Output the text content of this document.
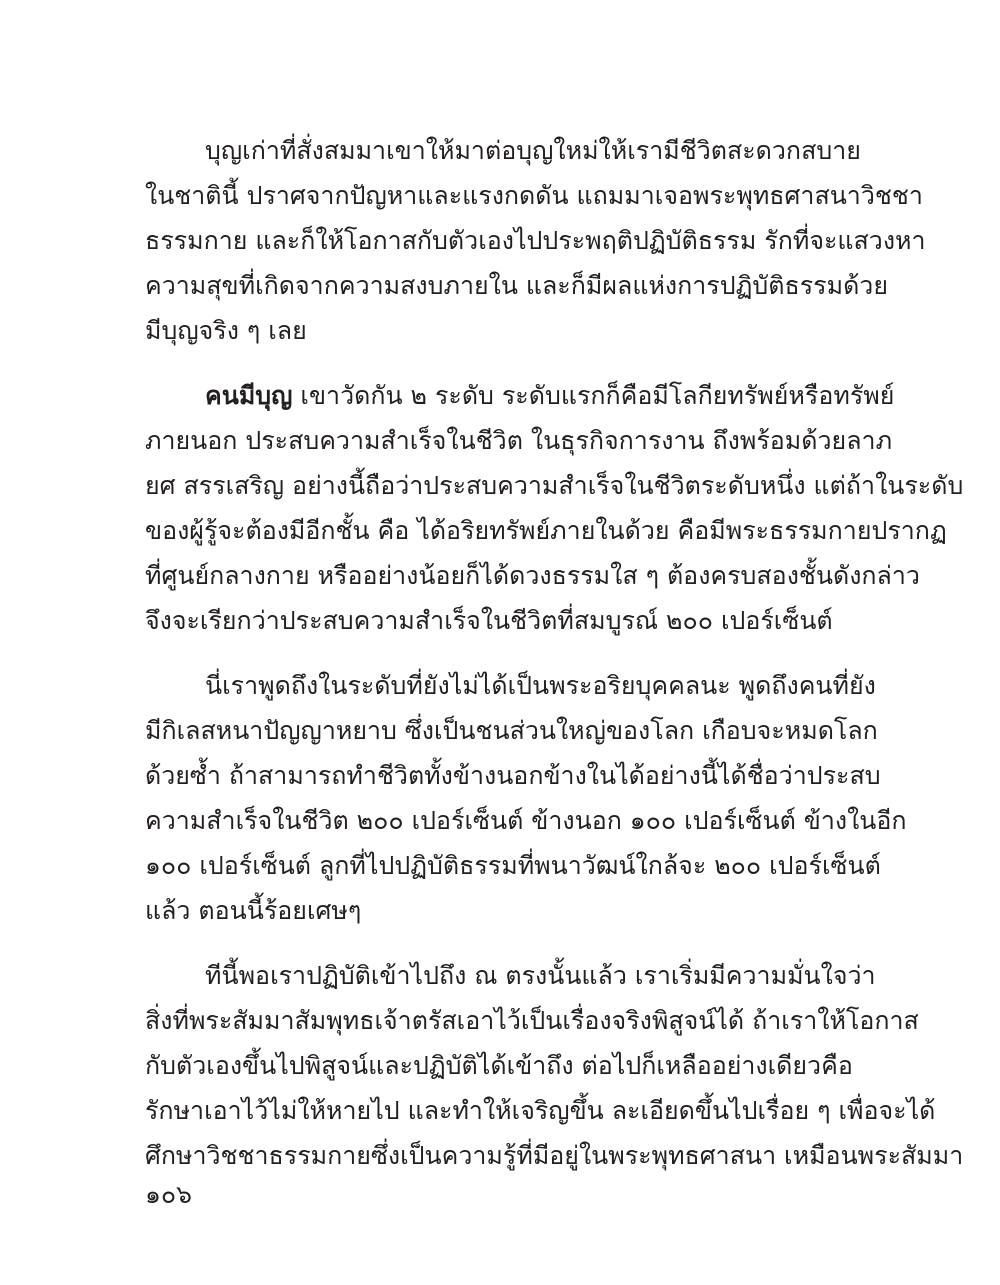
บุญเก่าที่สั่งสมมาเขาให้มาต่อบุญใหม่ให้เรามีชีวิตสะดวกสบาย
ในชาตินี้ ปราศจากปัญหาและแรงกดดัน แถมมาเจอพระพุทธศาสนาวิชชา
ธรรมกาย และก็ให้โอกาสกับตัวเองไปประพฤติปฏิบัติธรรม รักที่จะแสวงหา
ความสุขที่เกิดจากความสงบภายใน และก็มีผลแห่งการปฏิบัติธรรมด้วย
มีบุญจริง ๆ เลย
คนมีบุญ เขาวัดกัน ๒ ระดับ ระดับแรกก็คือมีโลกียทรัพย์หรือทรัพย์
ภายนอก ประสบความสำเร็จในชีวิต ในธุรกิจการงาน ถึงพร้อมด้วยลาภ
ยศ สรรเสริญ อย่างนี้ถือว่าประสบความสำเร็จในชีวิตระดับหนึ่ง แต่ถ้าในระดับ
ของผู้รู้จะต้องมีอีกชั้น คือ ได้อริยทรัพย์ภายในด้วย คือมีพระธรรมกายปรากฏ
ที่ศูนย์กลางกาย หรืออย่างน้อยก็ได้ดวงธรรมใส ๆ ต้องครบสองชั้นดังกล่าว
จึงจะเรียกว่าประสบความสำเร็จในชีวิตที่สมบูรณ์ ๒๐๐ เปอร์เซ็นต์
นี่เราพูดถึงในระดับที่ยังไม่ได้เป็นพระอริยบุคคลนะ พูดถึงคนที่ยัง
มีกิเลสหนาปัญญาหยาบ ซึ่งเป็นชนส่วนใหญ่ของโลก เกือบจะหมดโลก
ด้วยซ้ำ ถ้าสามารถทำชีวิตทั้งข้างนอกข้างในได้อย่างนี้ได้ชื่อว่าประสบ
ความสำเร็จในชีวิต ๒๐๐ เปอร์เซ็นต์ ข้างนอก ๑๐๐ เปอร์เซ็นต์ ข้างในอีก
๑๐๐ เปอร์เซ็นต์ ลูกที่ไปปฏิบัติธรรมที่พนาวัฒน์ใกล้จะ ๒๐๐ เปอร์เซ็นต์
แล้ว ตอนนี้ร้อยเศษๆ
ทีนี้พอเราปฏิบัติเข้าไปถึง ณ ตรงนั้นแล้ว เราเริ่มมีความมั่นใจว่า
สิ่งที่พระสัมมาสัมพุทธเจ้าตรัสเอาไว้เป็นเรื่องจริงพิสูจน์ได้ ถ้าเราให้โอกาส
กับตัวเองขึ้นไปพิสูจน์และปฏิบัติได้เข้าถึง ต่อไปก็เหลืออย่างเดียวคือ
รักษาเอาไว้ไม่ให้หายไป และทำให้เจริญขึ้น ละเอียดขึ้นไปเรื่อย ๆ เพื่อจะได้
ศึกษาวิชชาธรรมกายซึ่งเป็นความรู้ที่มีอยู่ในพระพุทธศาสนา เหมือนพระสัมมา
๑๐๖
